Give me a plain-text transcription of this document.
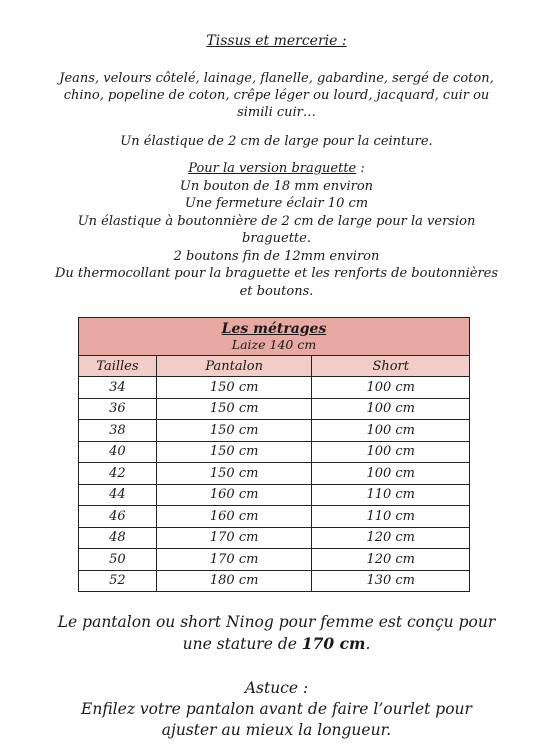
Tissus et mercerie :
Jeans, velours côtelé, lainage, flanelle, gabardine, sergé de coton,
chino, popeline de coton, crêpe léger ou lourd, jacquard, cuir ou
simili cuir…
Un élastique de 2 cm de large pour la ceinture.
Pour la version braguette :
Un bouton de 18 mm environ
Une fermeture éclair 10 cm
Un élastique à boutonnière de 2 cm de large pour la version
braguette.
2 boutons fin de 12mm environ
Du thermocollant pour la braguette et les renforts de boutonnières
et boutons.
Les métrages
Laize 140 cm		

Tailles	Pantalon	Short
34	150 cm	100 cm
36	150 cm	100 cm
38	150 cm	100 cm
40	150 cm	100 cm
42	150 cm	100 cm
44	160 cm	110 cm
46	160 cm	110 cm
48	170 cm	120 cm
50	170 cm	120 cm
52	180 cm	130 cm
Le pantalon ou short Ninog pour femme est conçu pour
une stature de 170 cm.
Astuce :
Enfilez votre pantalon avant de faire l’ourlet pour
ajuster au mieux la longueur.
